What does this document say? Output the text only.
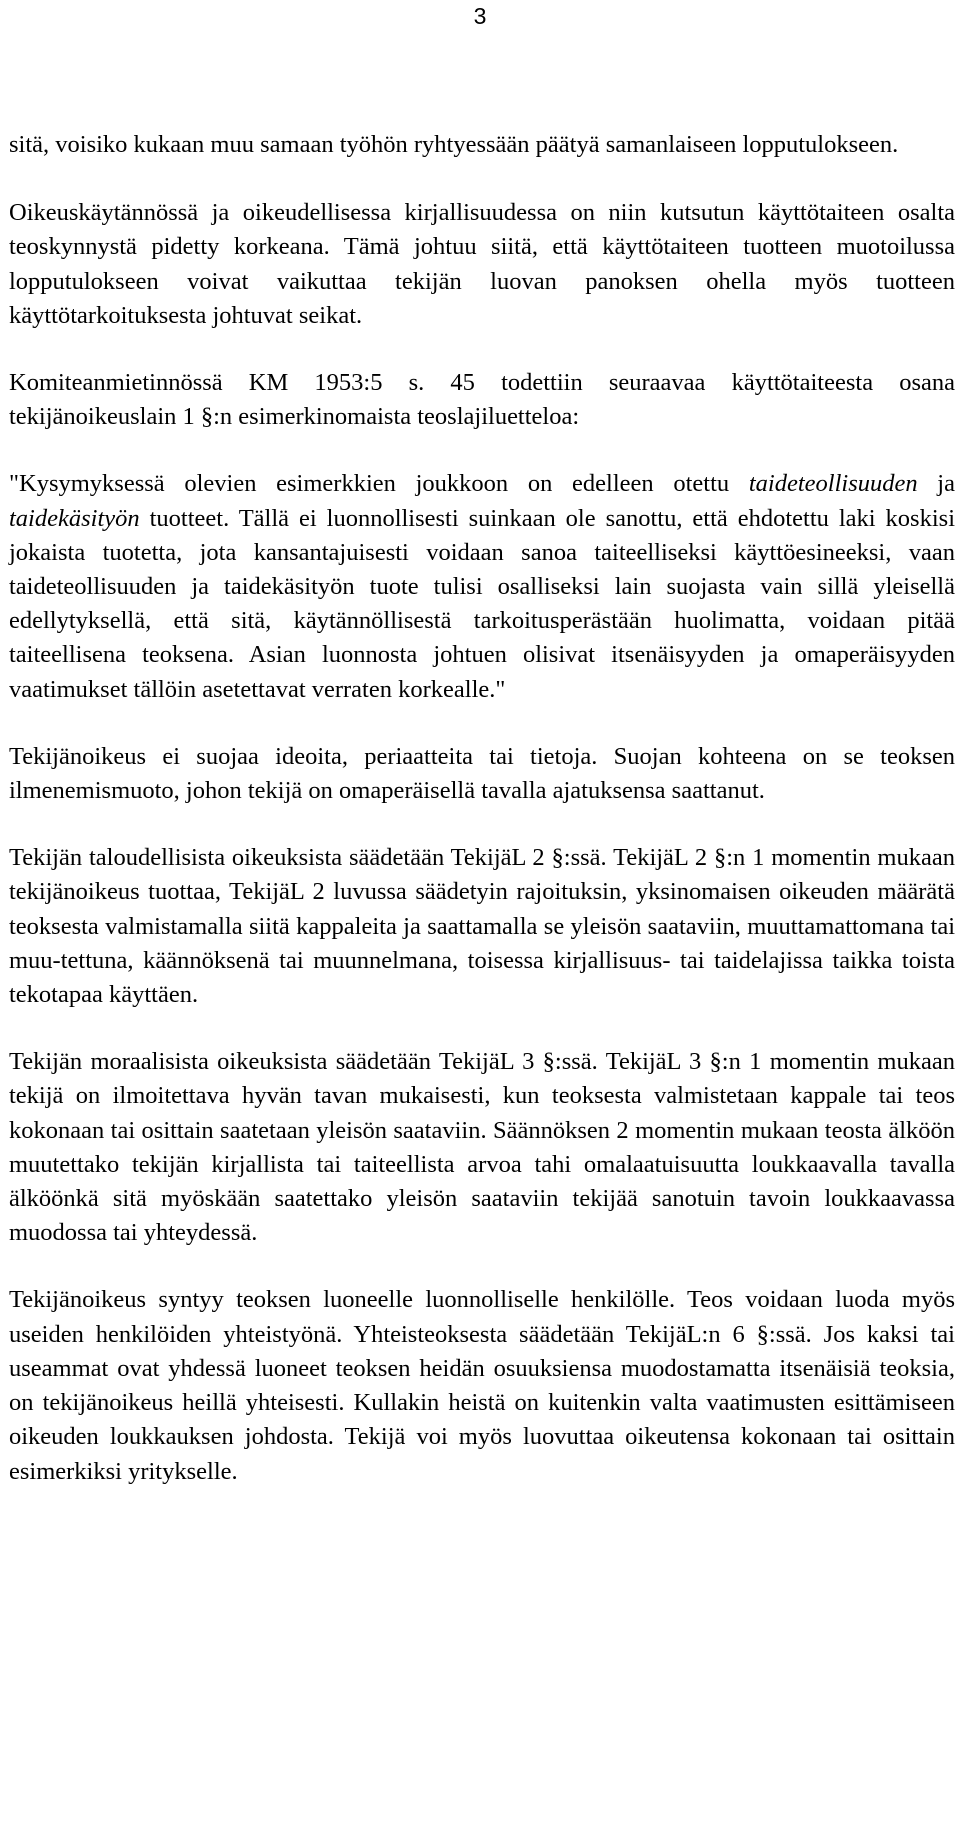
3

sitä, voisiko kukaan muu samaan työhön ryhtyessään päätyä samanlaiseen lopputulokseen.

Oikeuskäytännössä ja oikeudellisessa kirjallisuudessa on niin kutsutun käyttötaiteen osalta teoskynnystä pidetty korkeana. Tämä johtuu siitä, että käyttötaiteen tuotteen muotoilussa lopputulokseen voivat vaikuttaa tekijän luovan panoksen ohella myös tuotteen käyttötarkoituksesta johtuvat seikat.

Komiteanmietinnössä KM 1953:5 s. 45 todettiin seuraavaa käyttötaiteesta osana tekijänoikeuslain 1 §:n esimerkinomaista teoslajiluetteloa:

"Kysymyksessä olevien esimerkkien joukkoon on edelleen otettu taideteollisuuden ja taidekäsityön tuotteet. Tällä ei luonnollisesti suinkaan ole sanottu, että ehdotettu laki koskisi jokaista tuotetta, jota kansantajuisesti voidaan sanoa taiteelliseksi käyttöesineeksi, vaan taideteollisuuden ja taidekäsityön tuote tulisi osalliseksi lain suojasta vain sillä yleisellä edellytyksellä, että sitä, käytännöllisestä tarkoitusperästään huolimatta, voidaan pitää taiteellisena teoksena. Asian luonnosta johtuen olisivat itsenäisyyden ja omaperäisyyden vaatimukset tällöin asetettavat verraten korkealle."

Tekijänoikeus ei suojaa ideoita, periaatteita tai tietoja. Suojan kohteena on se teoksen ilmenemismuoto, johon tekijä on omaperäisellä tavalla ajatuksensa saattanut.

Tekijän taloudellisista oikeuksista säädetään TekijäL 2 §:ssä. TekijäL 2 §:n 1 momentin mukaan tekijänoikeus tuottaa, TekijäL 2 luvussa säädetyin rajoituksin, yksinomaisen oikeuden määrätä teoksesta valmistamalla siitä kappaleita ja saattamalla se yleisön saataviin, muuttamattomana tai muu-tettuna, käännöksenä tai muunnelmana, toisessa kirjallisuus- tai taidelajissa taikka toista tekotapaa käyttäen.

Tekijän moraalisista oikeuksista säädetään TekijäL 3 §:ssä. TekijäL 3 §:n 1 momentin mukaan tekijä on ilmoitettava hyvän tavan mukaisesti, kun teoksesta valmistetaan kappale tai teos kokonaan tai osittain saatetaan yleisön saataviin. Säännöksen 2 momentin mukaan teosta älköön muutettako tekijän kirjallista tai taiteellista arvoa tahi omalaatuisuutta loukkaavalla tavalla älköönkä sitä myöskään saatettako yleisön saataviin tekijää sanotuin tavoin loukkaavassa muodossa tai yhteydessä.

Tekijänoikeus syntyy teoksen luoneelle luonnolliselle henkilölle. Teos voidaan luoda myös useiden henkilöiden yhteistyönä. Yhteisteoksesta säädetään TekijäL:n 6 §:ssä. Jos kaksi tai useammat ovat yhdessä luoneet teoksen heidän osuuksiensa muodostamatta itsenäisiä teoksia, on tekijänoikeus heillä yhteisesti. Kullakin heistä on kuitenkin valta vaatimusten esittämiseen oikeuden loukkauksen johdosta. Tekijä voi myös luovuttaa oikeutensa kokonaan tai osittain esimerkiksi yritykselle.
